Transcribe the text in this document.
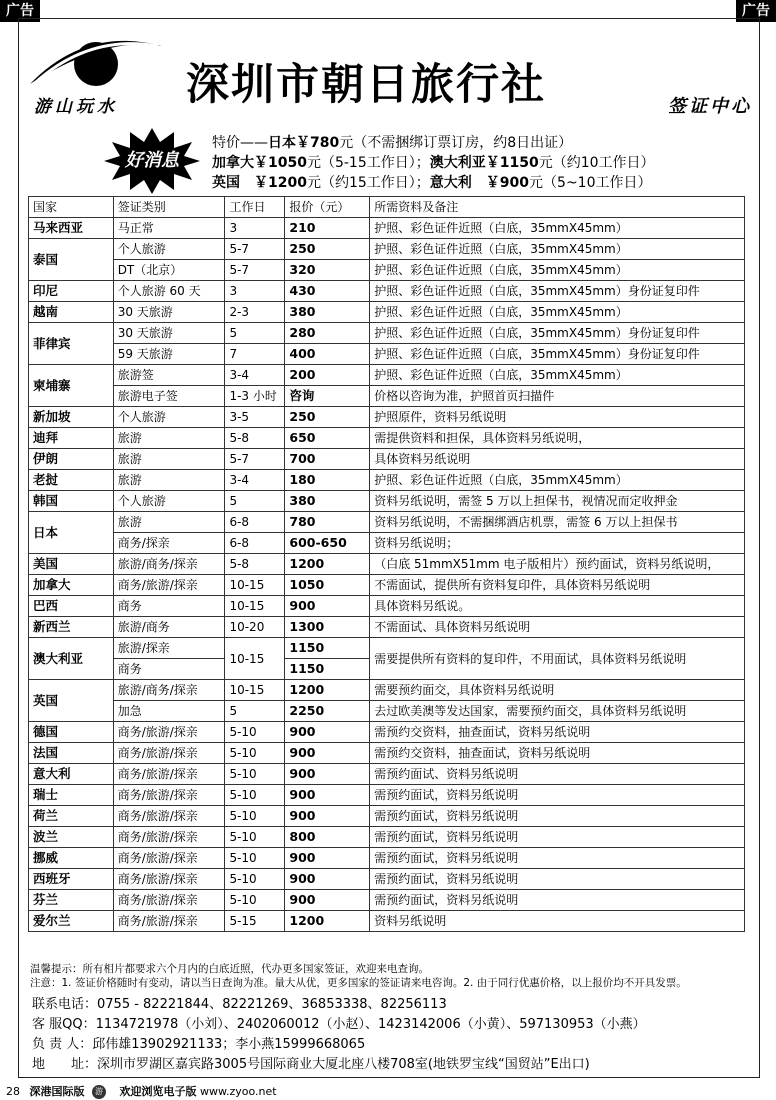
广告	广告
游山玩水 深圳市朝日旅行社	签证中心
好消息
特价——日本￥780元（不需捆绑订票订房，约8日出证）
加拿大￥1050元（5-15工作日）；澳大利亚￥1150元（约10工作日）
英国　￥1200元（约15工作日）；意大利　￥900元（5~10工作日）
国家	签证类别	工作日	报价（元）	所需资料及备注
马来西亚	马正常	3	210	护照、彩色证件近照（白底，35mmX45mm）
泰国	个人旅游	5-7	250	护照、彩色证件近照（白底，35mmX45mm）
	DT（北京）	5-7	320	护照、彩色证件近照（白底，35mmX45mm）
印尼	个人旅游 60 天	3	430	护照、彩色证件近照（白底，35mmX45mm）身份证复印件
越南	30 天旅游	2-3	380	护照、彩色证件近照（白底，35mmX45mm）
菲律宾	30 天旅游	5	280	护照、彩色证件近照（白底，35mmX45mm）身份证复印件
	59 天旅游	7	400	护照、彩色证件近照（白底，35mmX45mm）身份证复印件
柬埔寨	旅游签	3-4	200	护照、彩色证件近照（白底，35mmX45mm）
	旅游电子签	1-3 小时	咨询	价格以咨询为准，护照首页扫描件
新加坡	个人旅游	3-5	250	护照原件，资料另纸说明
迪拜	旅游	5-8	650	需提供资料和担保，具体资料另纸说明，
伊朗	旅游	5-7	700	具体资料另纸说明
老挝	旅游	3-4	180	护照、彩色证件近照（白底，35mmX45mm）
韩国	个人旅游	5	380	资料另纸说明，需签 5 万以上担保书，视情况而定收押金
日本	旅游	6-8	780	资料另纸说明，不需捆绑酒店机票，需签 6 万以上担保书
	商务/探亲	6-8	600-650	资料另纸说明；
美国	旅游/商务/探亲	5-8	1200	（白底 51mmX51mm 电子版相片）预约面试，资料另纸说明，
加拿大	商务/旅游/探亲	10-15	1050	不需面试，提供所有资料复印件，具体资料另纸说明
巴西	商务	10-15	900	具体资料另纸说。
新西兰	旅游/商务	10-20	1300	不需面试、具体资料另纸说明
澳大利亚	旅游/探亲	10-15	1150	需要提供所有资料的复印件，不用面试，具体资料另纸说明
	商务		1150	
英国	旅游/商务/探亲	10-15	1200	需要预约面交，具体资料另纸说明
	加急	5	2250	去过欧美澳等发达国家，需要预约面交，具体资料另纸说明
德国	商务/旅游/探亲	5-10	900	需预约交资料，抽查面试，资料另纸说明
法国	商务/旅游/探亲	5-10	900	需预约交资料，抽查面试，资料另纸说明
意大利	商务/旅游/探亲	5-10	900	需预约面试、资料另纸说明
瑞士	商务/旅游/探亲	5-10	900	需预约面试，资料另纸说明
荷兰	商务/旅游/探亲	5-10	900	需预约面试，资料另纸说明
波兰	商务/旅游/探亲	5-10	800	需预约面试，资料另纸说明
挪威	商务/旅游/探亲	5-10	900	需预约面试，资料另纸说明
西班牙	商务/旅游/探亲	5-10	900	需预约面试，资料另纸说明
芬兰	商务/旅游/探亲	5-10	900	需预约面试，资料另纸说明
爱尔兰	商务/旅游/探亲	5-15	1200	资料另纸说明
温馨提示：所有相片都要求六个月内的白底近照，代办更多国家签证，欢迎来电查询。
注意：1. 签证价格随时有变动，请以当日查询为准。量大从优，更多国家的签证请来电咨询。2. 由于同行优惠价格，以上报价均不开具发票。
联系电话：0755 - 82221844、82221269、36853338、82256113
客 服QQ：1134721978（小刘）、2402060012（小赵）、1423142006（小黄）、597130953（小燕）
负 责 人：邱伟雄13902921133；李小燕15999668065
地　　址：深圳市罗湖区嘉宾路3005号国际商业大厦北座八楼708室(地铁罗宝线“国贸站”E出口)
28 深港国际版 游 欢迎浏览电子版 www.zyoo.net
